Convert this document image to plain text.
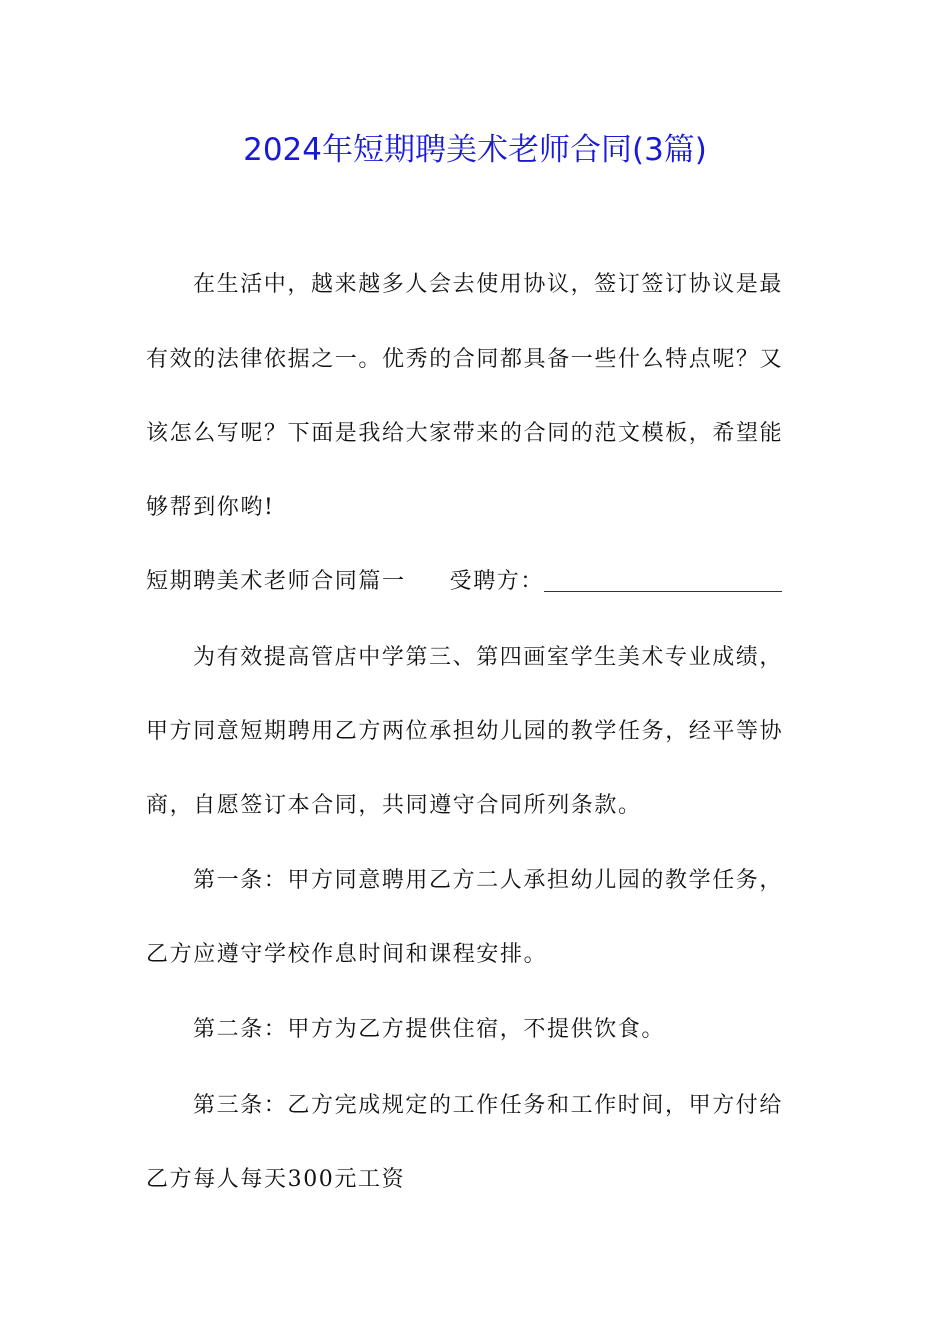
2024年短期聘美术老师合同(3篇)
在生活中，越来越多人会去使用协议，签订签订协议是最
有效的法律依据之一。优秀的合同都具备一些什么特点呢？又
该怎么写呢？下面是我给大家带来的合同的范文模板，希望能
够帮到你哟!
短期聘美术老师合同篇一 受聘方：
为有效提高管店中学第三、第四画室学生美术专业成绩，
甲方同意短期聘用乙方两位承担幼儿园的教学任务，经平等协
商，自愿签订本合同，共同遵守合同所列条款。
第一条：甲方同意聘用乙方二人承担幼儿园的教学任务，
乙方应遵守学校作息时间和课程安排。
第二条：甲方为乙方提供住宿，不提供饮食。
第三条：乙方完成规定的工作任务和工作时间，甲方付给
乙方每人每天300元工资
